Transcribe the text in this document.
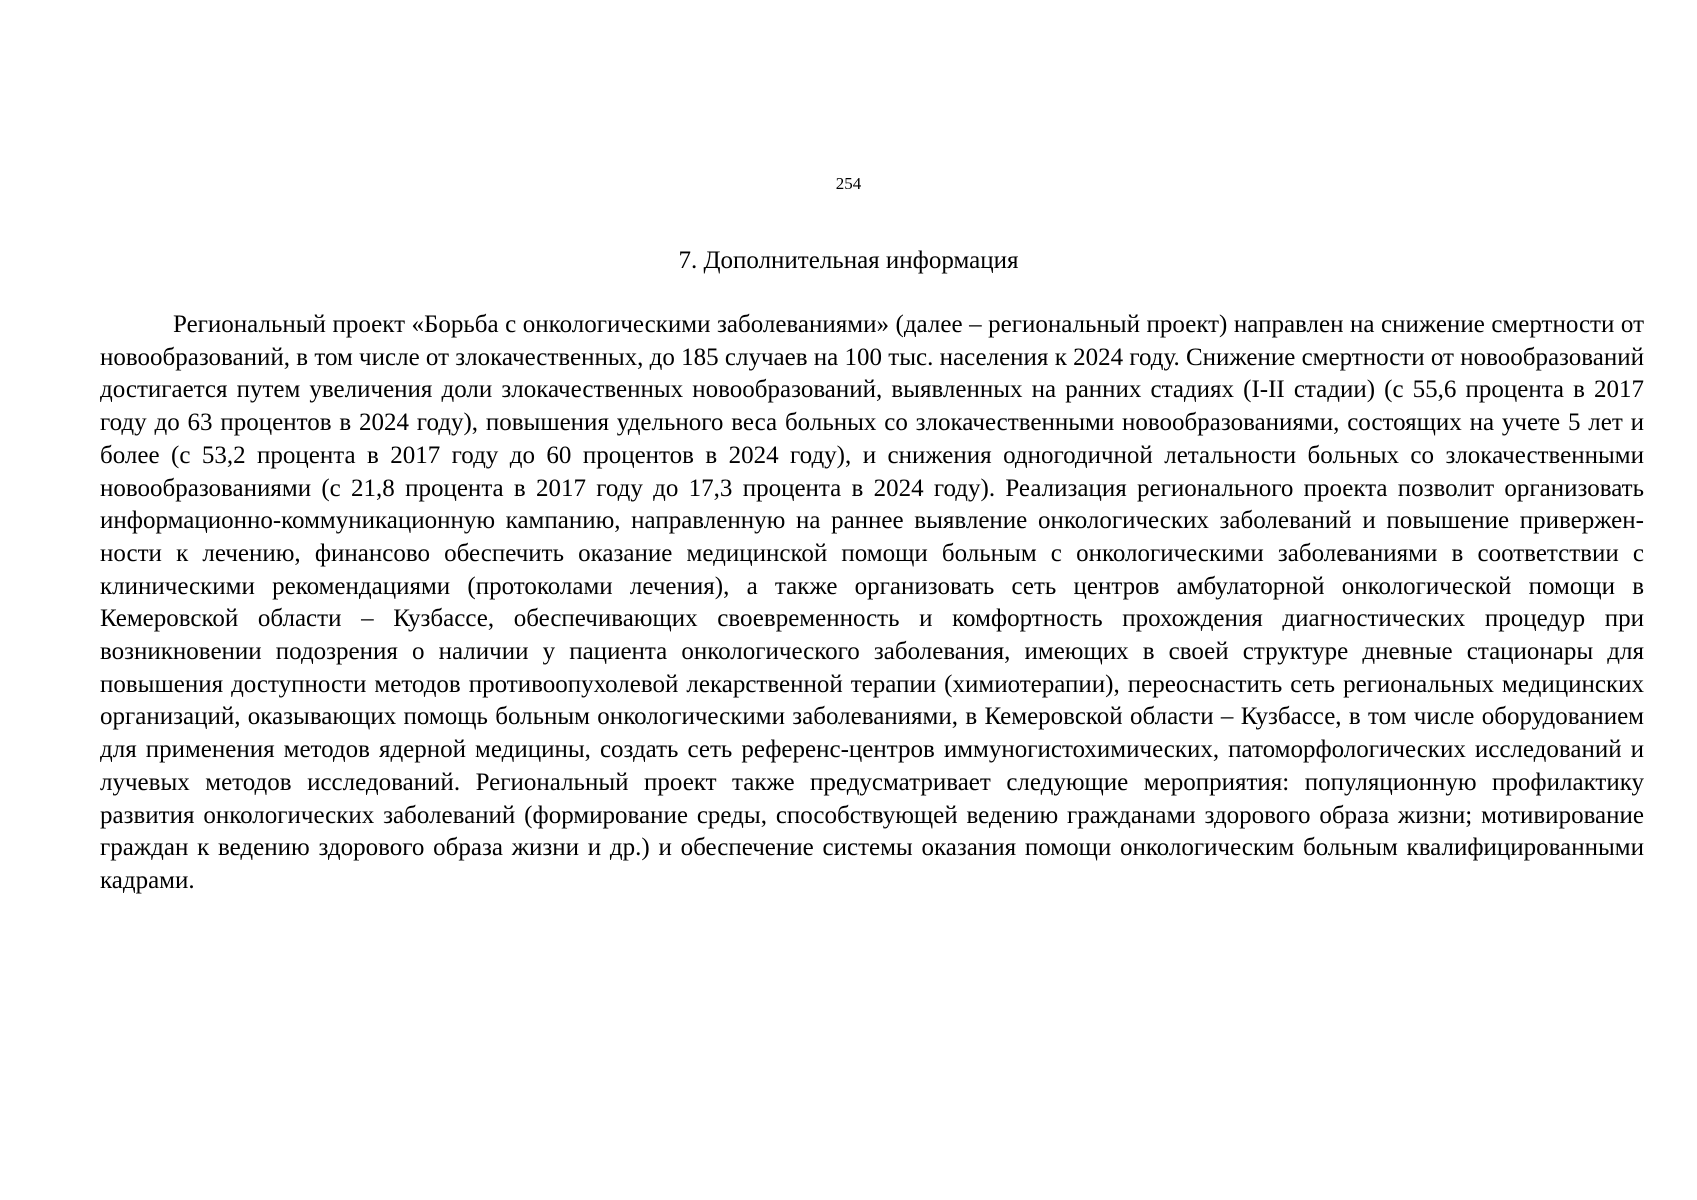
254
7. Дополнительная информация

Региональный проект «Борьба с онкологическими заболеваниями» (далее – региональный проект) направлен на снижение смертности от новообразований, в том числе от злокачественных, до 185 случаев на 100 тыс. населения к 2024 году. Снижение смертности от новообразований достигается путем увеличения доли злокачественных новообразований, выявленных на ранних стадиях (I-II стадии) (с 55,6 процента в 2017 году до 63 процентов в 2024 году), повышения удельного веса больных со злокачественными новообразованиями, состоящих на учете 5 лет и более (с 53,2 процента в 2017 году до 60 процентов в 2024 году), и снижения одногодичной летальности больных со злокачественными новообразованиями (с 21,8 процента в 2017 году до 17,3 процента в 2024 году). Реализация регионального проекта позволит организовать информационно-коммуникационную кампанию, направленную на раннее выявление онкологических заболеваний и повышение приверженности к лечению, финансово обеспечить оказание медицинской помощи больным с онкологическими заболеваниями в соответствии с клиническими рекомендациями (протоколами лечения), а также организовать сеть центров амбулаторной онкологической помощи в Кемеровской области – Кузбассе, обеспечивающих своевременность и комфортность прохождения диагностических процедур при возникновении подозрения о наличии у пациента онкологического заболевания, имеющих в своей структуре дневные стационары для повышения доступности методов противоопухолевой лекарственной терапии (химиотерапии), переоснастить сеть региональных медицинских организаций, оказывающих помощь больным онкологическими заболеваниями, в Кемеровской области – Кузбассе, в том числе оборудованием для применения методов ядерной медицины, создать сеть референс-центров иммуногистохимических, патоморфологических исследований и лучевых методов исследований. Региональный проект также предусматривает следующие мероприятия: популяционную профилактику развития онкологических заболеваний (формирование среды, способствующей ведению гражданами здорового образа жизни; мотивирование граждан к ведению здорового образа жизни и др.) и обеспечение системы оказания помощи онкологическим больным квалифицированными кадрами.
